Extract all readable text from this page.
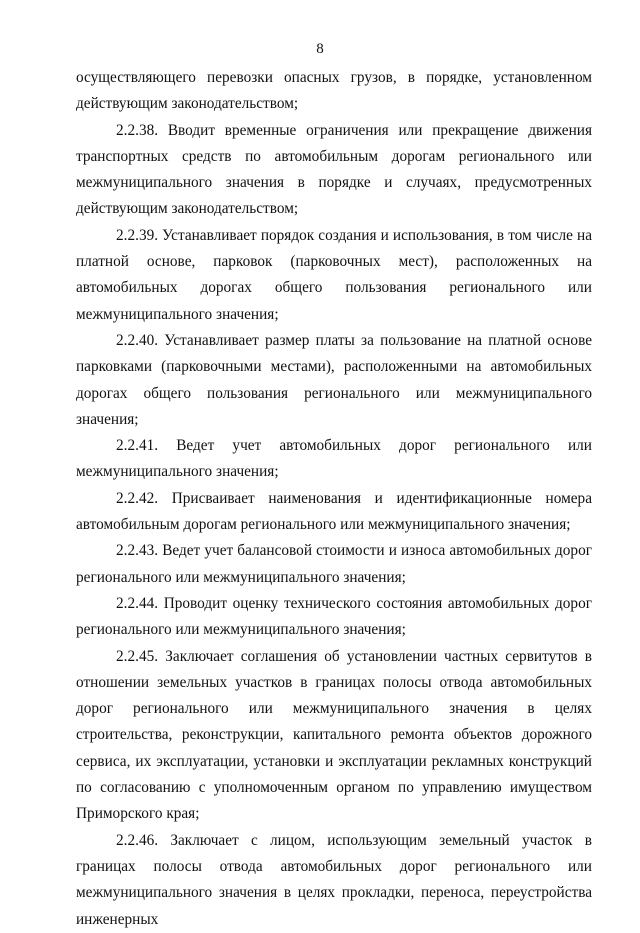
8

осуществляющего перевозки опасных грузов, в порядке, установленном действующим законодательством;

2.2.38. Вводит временные ограничения или прекращение движения транспортных средств по автомобильным дорогам регионального или межмуниципального значения в порядке и случаях, предусмотренных действующим законодательством;

2.2.39. Устанавливает порядок создания и использования, в том числе на платной основе, парковок (парковочных мест), расположенных на автомобильных дорогах общего пользования регионального или межмуниципального значения;

2.2.40. Устанавливает размер платы за пользование на платной основе парковками (парковочными местами), расположенными на автомобильных дорогах общего пользования регионального или межмуниципального значения;

2.2.41. Ведет учет автомобильных дорог регионального или межмуниципального значения;

2.2.42. Присваивает наименования и идентификационные номера автомобильным дорогам регионального или межмуниципального значения;

2.2.43. Ведет учет балансовой стоимости и износа автомобильных дорог регионального или межмуниципального значения;

2.2.44. Проводит оценку технического состояния автомобильных дорог регионального или межмуниципального значения;

2.2.45. Заключает соглашения об установлении частных сервитутов в отношении земельных участков в границах полосы отвода автомобильных дорог регионального или межмуниципального значения в целях строительства, реконструкции, капитального ремонта объектов дорожного сервиса, их эксплуатации, установки и эксплуатации рекламных конструкций по согласованию с уполномоченным органом по управлению имуществом Приморского края;

2.2.46. Заключает с лицом, использующим земельный участок в границах полосы отвода автомобильных дорог регионального или межмуниципального значения в целях прокладки, переноса, переустройства инженерных
